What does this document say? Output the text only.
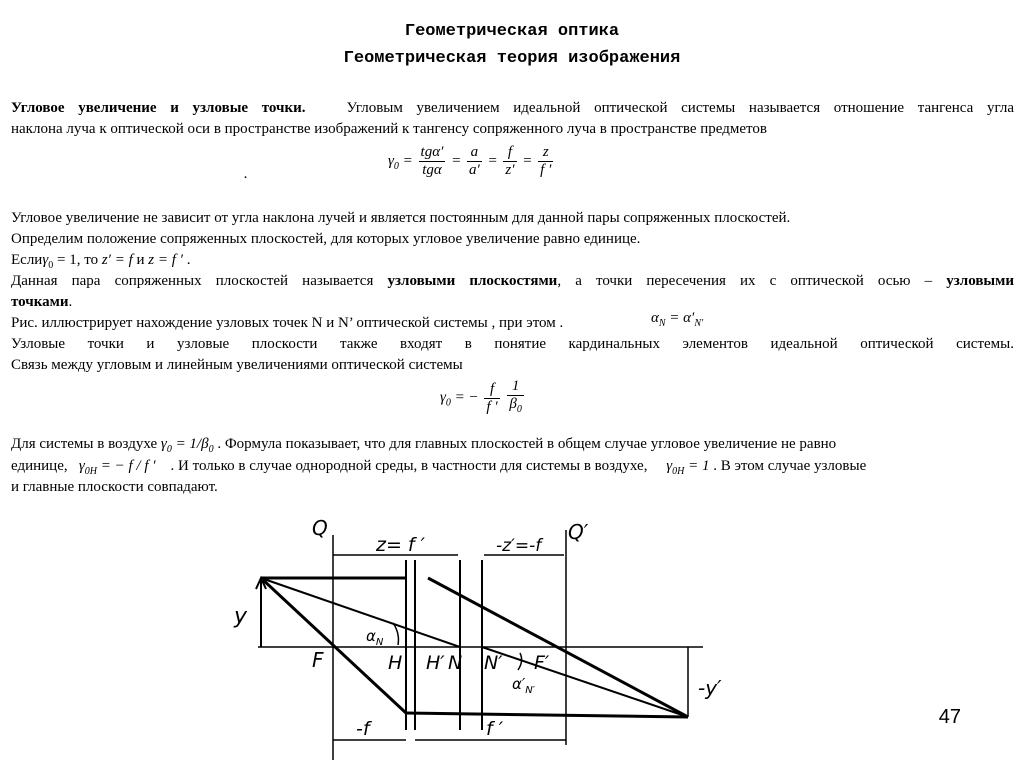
Геометрическая оптика
Геометрическая теория изображения
Угловое увеличение и узловые точки.	Угловым увеличением идеальной оптической системы называется отношение тангенса угла
наклона луча к оптической оси в пространстве изображений к тангенсу сопряженного луча в пространстве предметов
.
$\gamma_0 = \frac{\text{tgα′}}{\text{tgα}} = \frac{a}{a'} = \frac{f}{z'} = \frac{z}{f '}$
Угловое увеличение не зависит от угла наклона лучей и является постоянным для данной пары сопряженных плоскостей.
Определим положение сопряженных плоскостей, для которых угловое увеличение равно единице.
Еслиγ$_0$ = 1, то z′ = f и z = f ′ .
Данная пара сопряженных плоскостей называется узловыми плоскостями, а точки пересечения их с оптической осью – узловыми
точками.
Рис. иллюстрирует нахождение узловых точек N и N’ оптической системы , при этом .	$\alpha_N = \alpha'_{N'}$
Узловые точки и узловые плоскости также входят в понятие кардинальных элементов идеальной оптической системы.
Связь между угловым и линейным увеличениями оптической системы
$\gamma_0$ = − $\frac{f}{f '}$
$\frac{1}{\beta_0}$
Для системы в воздухе $\gamma_0 = 1/\beta_0$ . Формула показывает, что для главных плоскостей в общем случае угловое увеличение не равно
единице, $\gamma_{0H}$ = − f / f ′ . И только в случае однородной среды, в частности для системы в воздухе, $\gamma_{0H} = 1$ . В этом случае узловые
и главные плоскости совпадают.
Q	Q′
z= f ′	-z′=-f
y
-y′
F	H H′ N N′ F′
$\alpha_N$
$\alpha'_{N'}$
-f	f ′
47
